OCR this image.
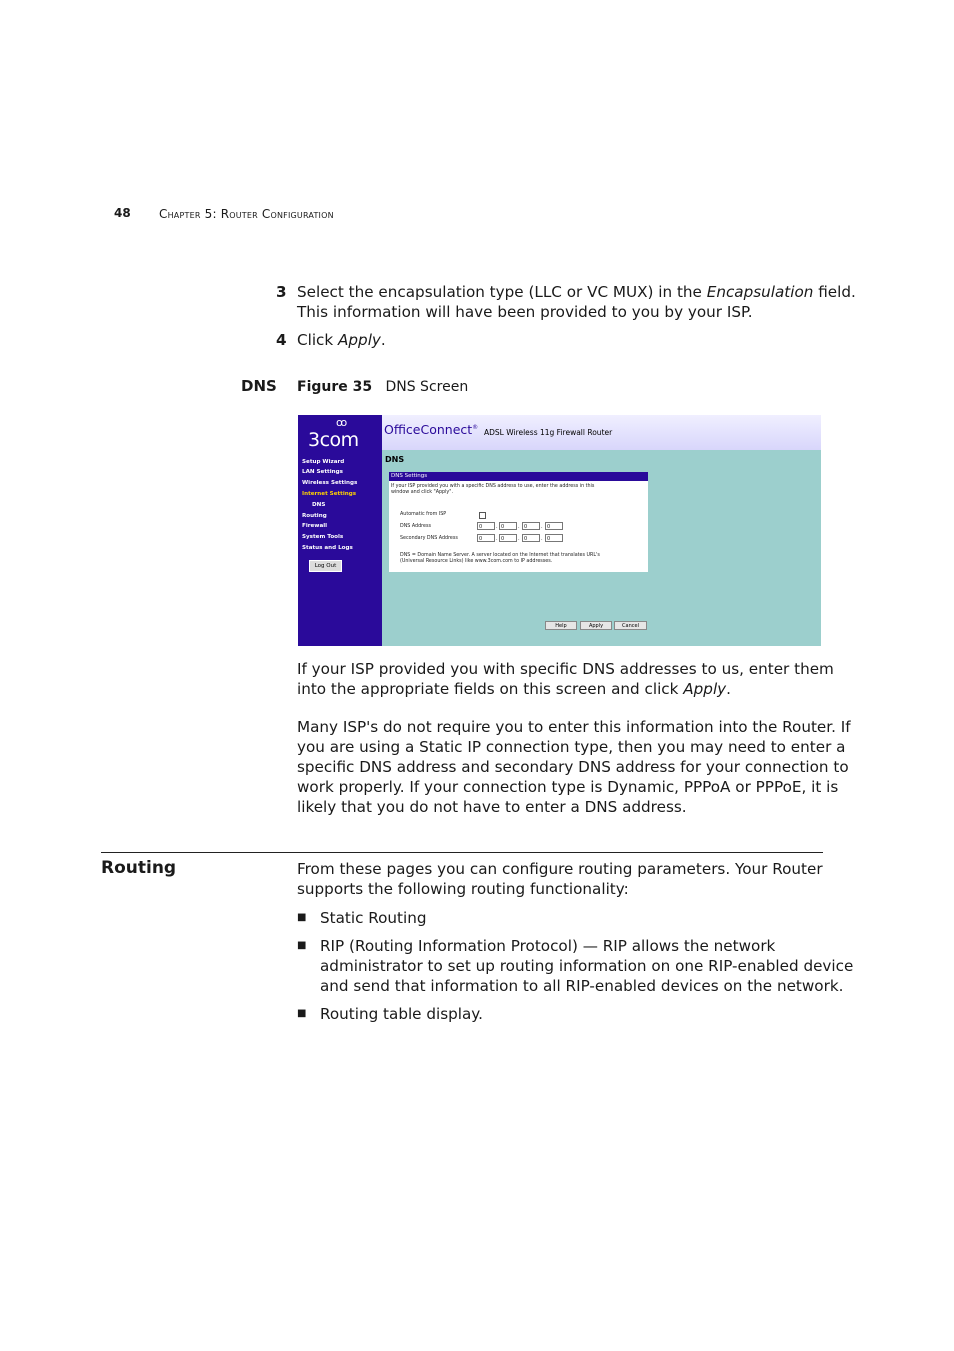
48 Chapter 5: Router Configuration
3 Select the encapsulation type (LLC or VC MUX) in the Encapsulation field.
This information will have been provided to you by your ISP.
4 Click Apply.
DNS Figure 35 DNS Screen
ꝏ
3com
Setup Wizard
LAN Settings
Wireless Settings
Internet Settings
DNS
Routing
Firewall
System Tools
Status and Logs
Log Out
OfficeConnect®
ADSL Wireless 11g Firewall Router
DNS
DNS Settings
If your ISP provided you with a specific DNS address to use, enter the address in this
window and click "Apply".
Automatic from ISP
DNS Address	0	. 0	. 0	. 0
Secondary DNS Address	0	. 0	. 0	. 0
DNS = Domain Name Server. A server located on the Internet that translates URL's
(Universal Resource Links) like www.3com.com to IP addresses.
Help	Apply	Cancel
If your ISP provided you with specific DNS addresses to us, enter them
into the appropriate fields on this screen and click Apply.
Many ISP's do not require you to enter this information into the Router. If
you are using a Static IP connection type, then you may need to enter a
specific DNS address and secondary DNS address for your connection to
work properly. If your connection type is Dynamic, PPPoA or PPPoE, it is
likely that you do not have to enter a DNS address.
Routing	From these pages you can configure routing parameters. Your Router
supports the following routing functionality:
■ Static Routing
■ RIP (Routing Information Protocol) — RIP allows the network
administrator to set up routing information on one RIP-enabled device
and send that information to all RIP-enabled devices on the network.
■ Routing table display.
